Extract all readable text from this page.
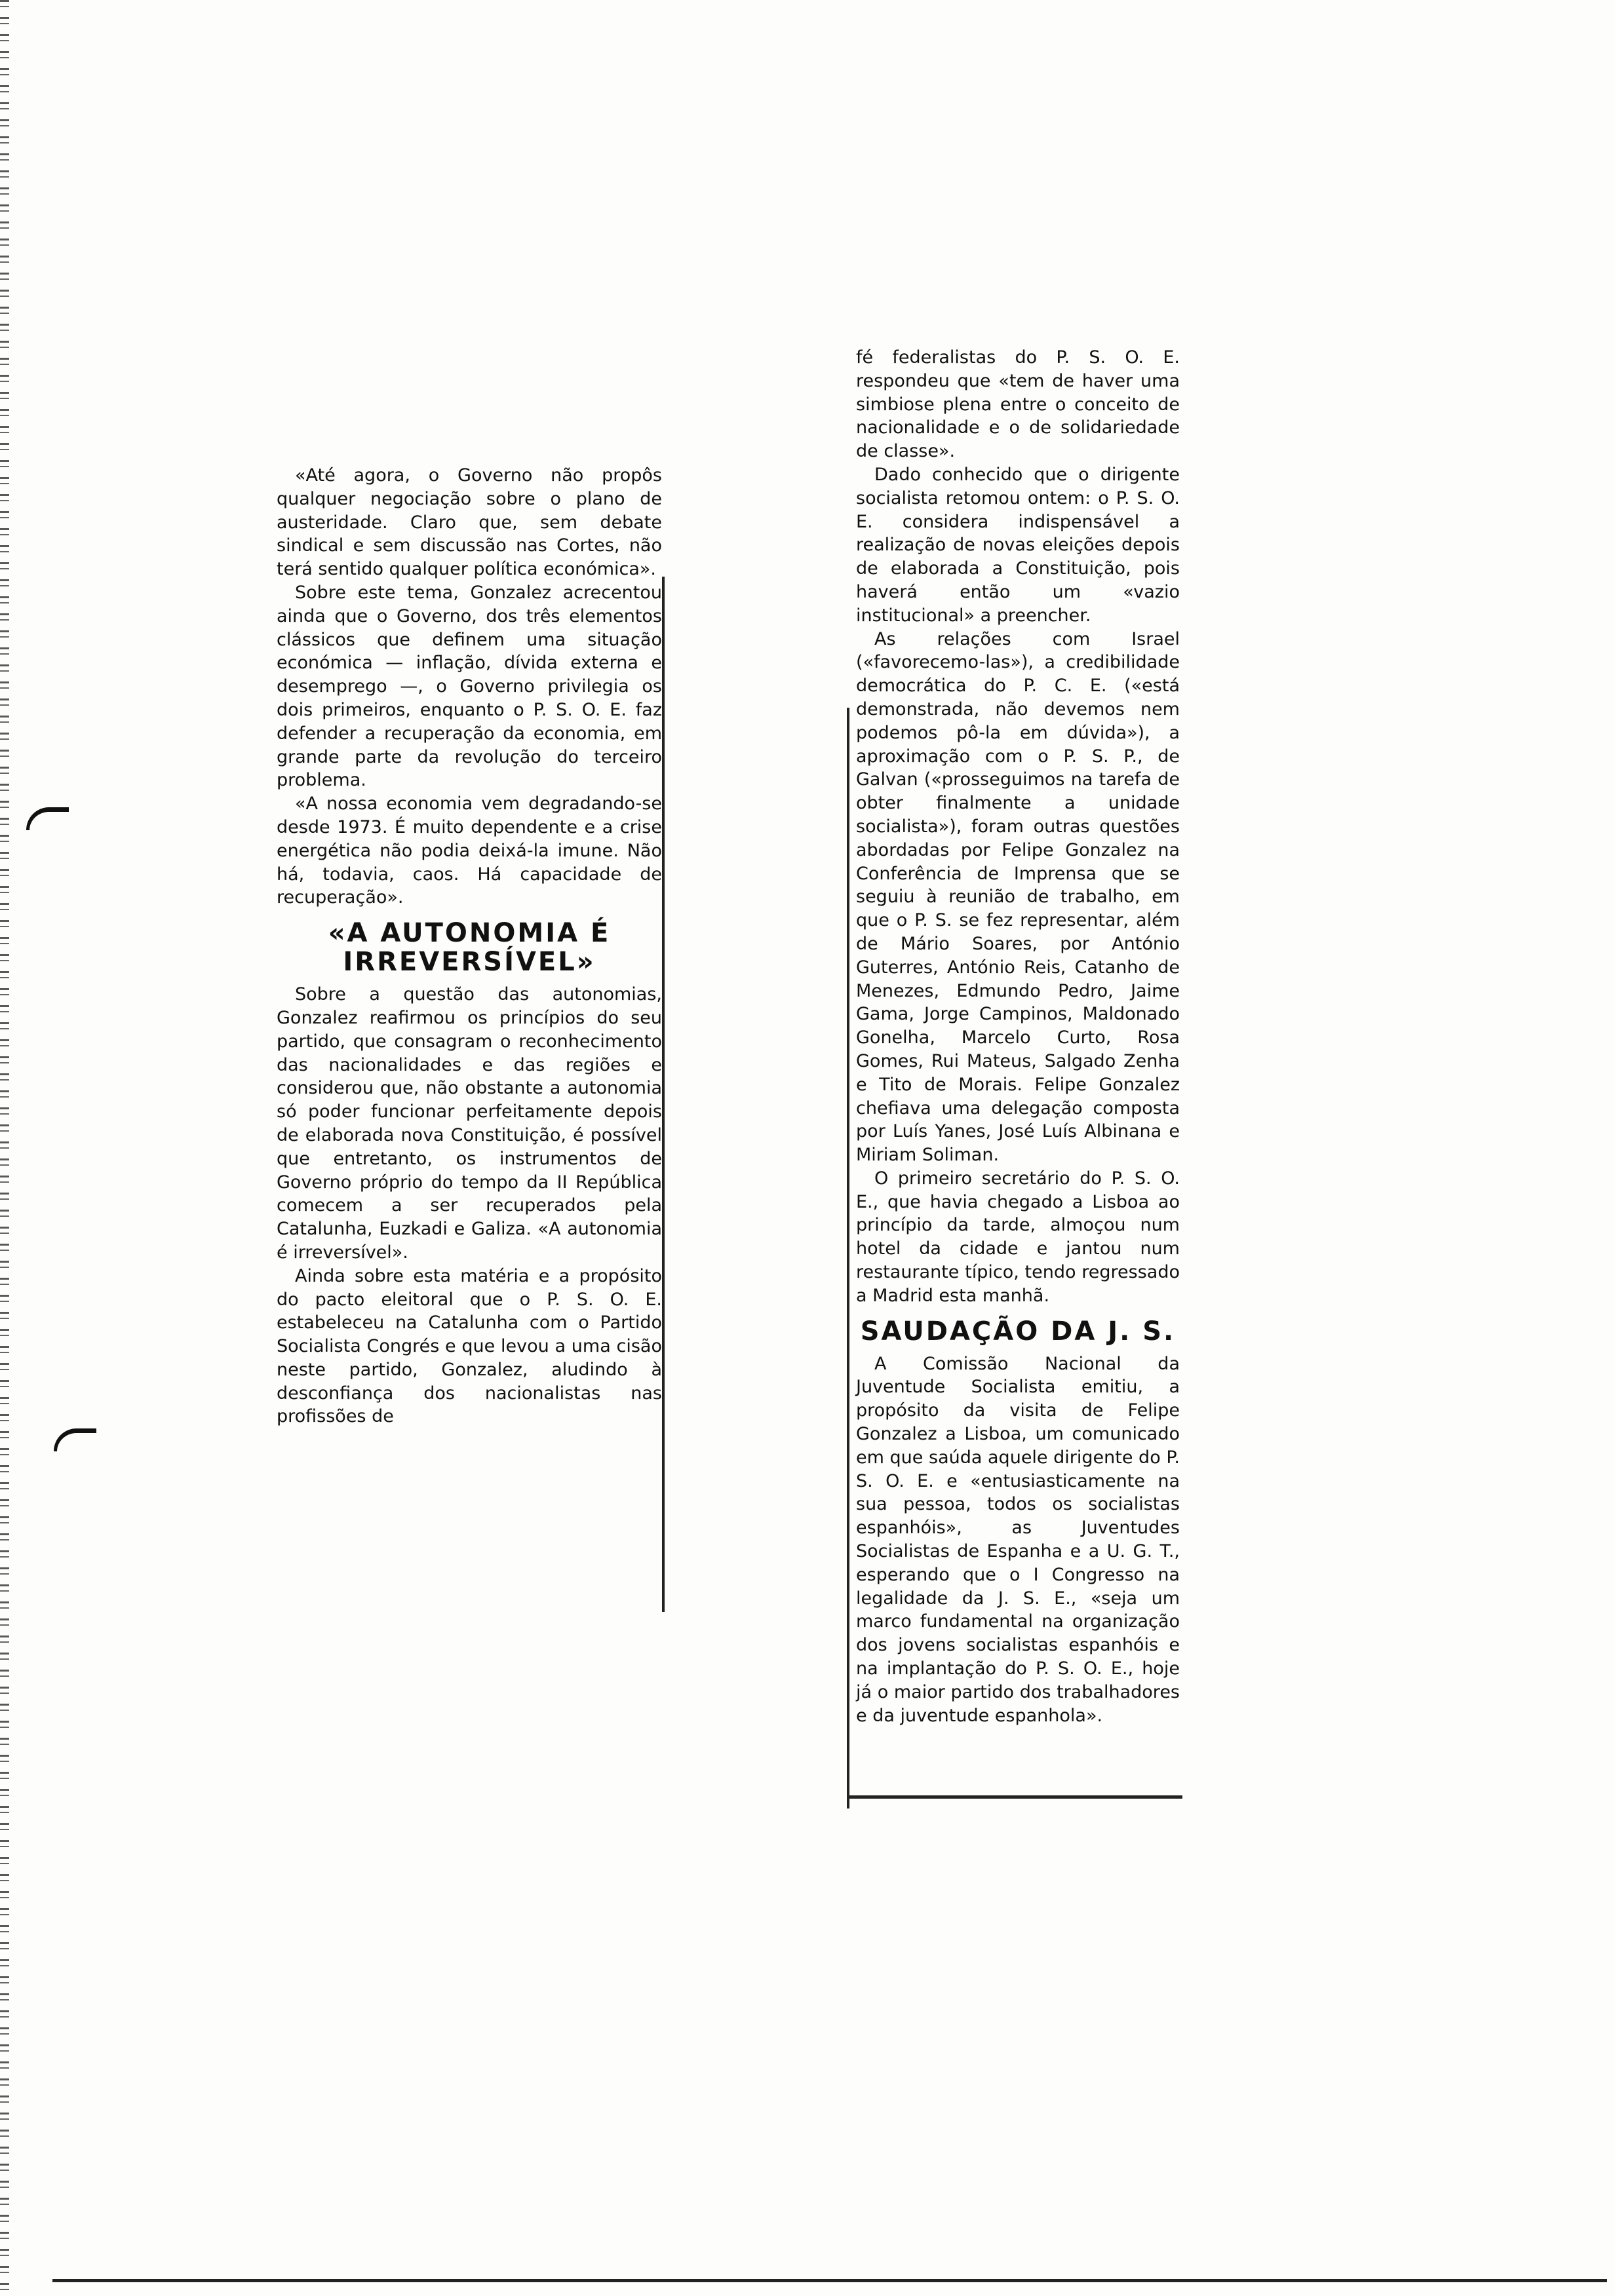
«Até agora, o Governo não propôs qualquer negociação sobre o plano de austeridade. Claro que, sem debate sindical e sem discussão nas Cortes, não terá sentido qualquer política económica».

Sobre este tema, Gonzalez acrecentou ainda que o Governo, dos três elementos clássicos que definem uma situação económica — inflação, dívida externa e desemprego —, o Governo privilegia os dois primeiros, enquanto o P. S. O. E. faz defender a recuperação da economia, em grande parte da revolução do terceiro problema.

«A nossa economia vem degradando-se desde 1973. É muito dependente e a crise energética não podia deixá-la imune. Não há, todavia, caos. Há capacidade de recuperação».

«A AUTONOMIA É IRREVERSÍVEL»

Sobre a questão das autonomias, Gonzalez reafirmou os princípios do seu partido, que consagram o reconhecimento das nacionalidades e das regiões e considerou que, não obstante a autonomia só poder funcionar perfeitamente depois de elaborada nova Constituição, é possível que entretanto, os instrumentos de Governo próprio do tempo da II República comecem a ser recuperados pela Catalunha, Euzkadi e Galiza. «A autonomia é irreversível».

Ainda sobre esta matéria e a propósito do pacto eleitoral que o P. S. O. E. estabeleceu na Catalunha com o Partido Socialista Congrés e que levou a uma cisão neste partido, Gonzalez, aludindo à desconfiança dos nacionalistas nas profissões de

fé federalistas do P. S. O. E. respondeu que «tem de haver uma simbiose plena entre o conceito de nacionalidade e o de solidariedade de classe».

Dado conhecido que o dirigente socialista retomou ontem: o P. S. O. E. considera indispensável a realização de novas eleições depois de elaborada a Constituição, pois haverá então um «vazio institucional» a preencher.

As relações com Israel («favorecemo-las»), a credibilidade democrática do P. C. E. («está demonstrada, não devemos nem podemos pô-la em dúvida»), a aproximação com o P. S. P., de Galvan («prosseguimos na tarefa de obter finalmente a unidade socialista»), foram outras questões abordadas por Felipe Gonzalez na Conferência de Imprensa que se seguiu à reunião de trabalho, em que o P. S. se fez representar, além de Mário Soares, por António Guterres, António Reis, Catanho de Menezes, Edmundo Pedro, Jaime Gama, Jorge Campinos, Maldonado Gonelha, Marcelo Curto, Rosa Gomes, Rui Mateus, Salgado Zenha e Tito de Morais. Felipe Gonzalez chefiava uma delegação composta por Luís Yanes, José Luís Albinana e Miriam Soliman.

O primeiro secretário do P. S. O. E., que havia chegado a Lisboa ao princípio da tarde, almoçou num hotel da cidade e jantou num restaurante típico, tendo regressado a Madrid esta manhã.

SAUDAÇÃO DA J. S.

A Comissão Nacional da Juventude Socialista emitiu, a propósito da visita de Felipe Gonzalez a Lisboa, um comunicado em que saúda aquele dirigente do P. S. O. E. e «entusiasticamente na sua pessoa, todos os socialistas espanhóis», as Juventudes Socialistas de Espanha e a U. G. T., esperando que o I Congresso na legalidade da J. S. E., «seja um marco fundamental na organização dos jovens socialistas espanhóis e na implantação do P. S. O. E., hoje já o maior partido dos trabalhadores e da juventude espanhola».
